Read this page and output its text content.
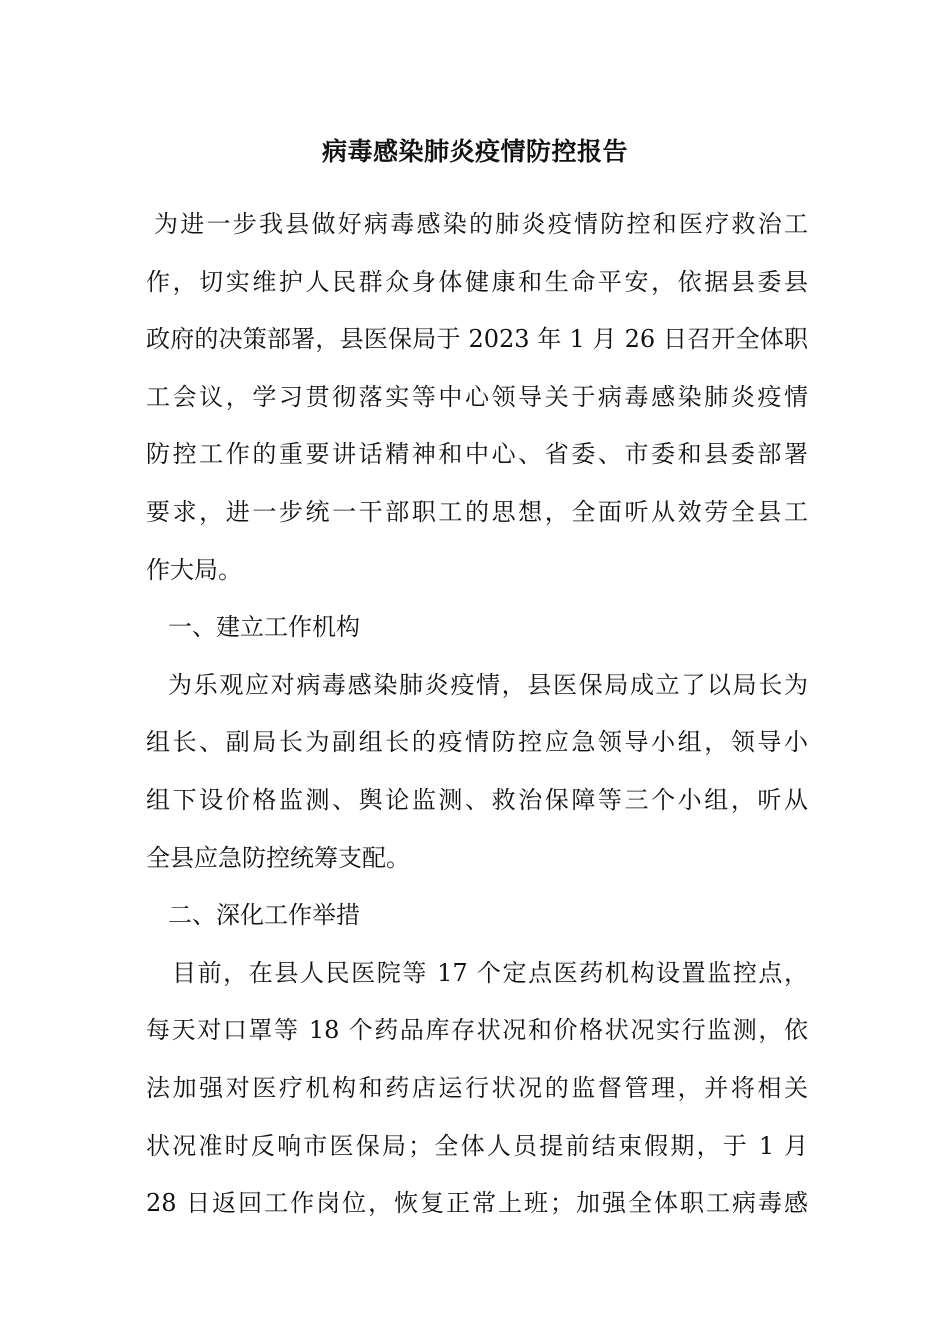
病毒感染肺炎疫情防控报告
为进一步我县做好病毒感染的肺炎疫情防控和医疗救治工
作，切实维护人民群众身体健康和生命平安，依据县委县
政府的决策部署，县医保局于 2023 年 1 月 26 日召开全体职
工会议，学习贯彻落实等中心领导关于病毒感染肺炎疫情
防控工作的重要讲话精神和中心、省委、市委和县委部署
要求，进一步统一干部职工的思想，全面听从效劳全县工
作大局。
一、建立工作机构
为乐观应对病毒感染肺炎疫情，县医保局成立了以局长为
组长、副局长为副组长的疫情防控应急领导小组，领导小
组下设价格监测、舆论监测、救治保障等三个小组，听从
全县应急防控统筹支配。
二、深化工作举措
目前，在县人民医院等 17 个定点医药机构设置监控点，
每天对口罩等 18 个药品库存状况和价格状况实行监测，依
法加强对医疗机构和药店运行状况的监督管理，并将相关
状况准时反响市医保局；全体人员提前结束假期，于 1 月
28 日返回工作岗位，恢复正常上班；加强全体职工病毒感
